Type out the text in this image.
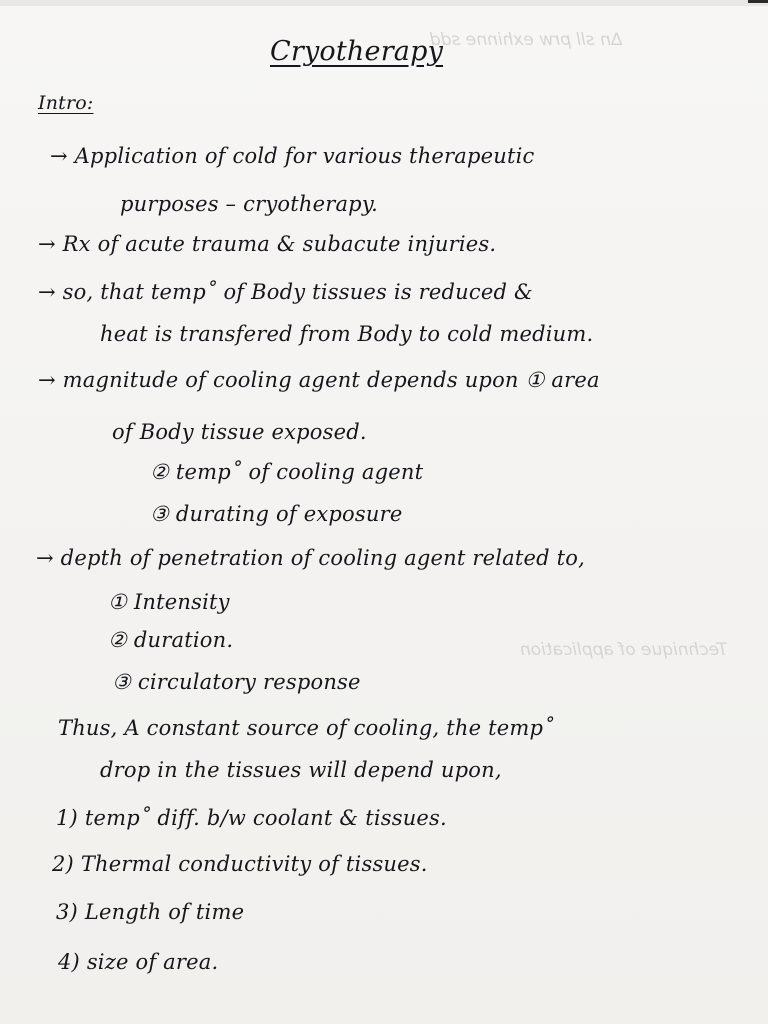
∆n sll prw exhinne sdd
Technique of application
Cryotherapy
Intro:
→ Application of cold for various therapeutic
purposes – cryotherapy.
→ Rx of acute trauma & subacute injuries.
→ so, that temp˚ of Body tissues is reduced &
heat is transfered from Body to cold medium.
→ magnitude of cooling agent depends upon ① area
of Body tissue exposed.
② temp˚ of cooling agent
③ durating of exposure
→ depth of penetration of cooling agent related to,
① Intensity
② duration.
③ circulatory response
Thus, A constant source of cooling, the temp˚
drop in the tissues will depend upon,
1) temp˚ diff. b/w coolant & tissues.
2) Thermal conductivity of tissues.
3) Length of time
4) size of area.
